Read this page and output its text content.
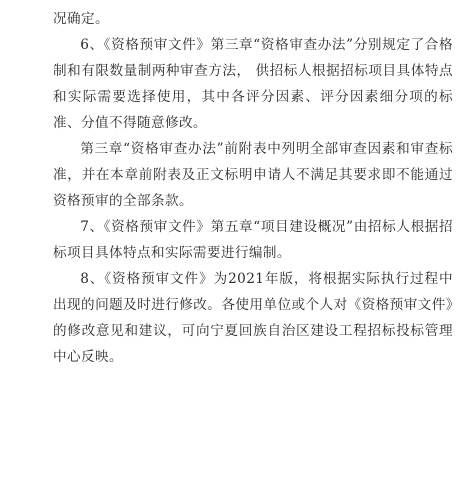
况确定。

6、《资格预审文件》第三章“资格审查办法”分别规定了合格制和有限数量制两种审查方法， 供招标人根据招标项目具体特点和实际需要选择使用，其中各评分因素、评分因素细分项的标准、分值不得随意修改。

第三章“资格审查办法”前附表中列明全部审查因素和审查标准，并在本章前附表及正文标明申请人不满足其要求即不能通过资格预审的全部条款。

7、《资格预审文件》第五章“项目建设概况”由招标人根据招标项目具体特点和实际需要进行编制。

8、《资格预审文件》为2021年版，将根据实际执行过程中出现的问题及时进行修改。各使用单位或个人对《资格预审文件》的修改意见和建议，可向宁夏回族自治区建设工程招标投标管理中心反映。
